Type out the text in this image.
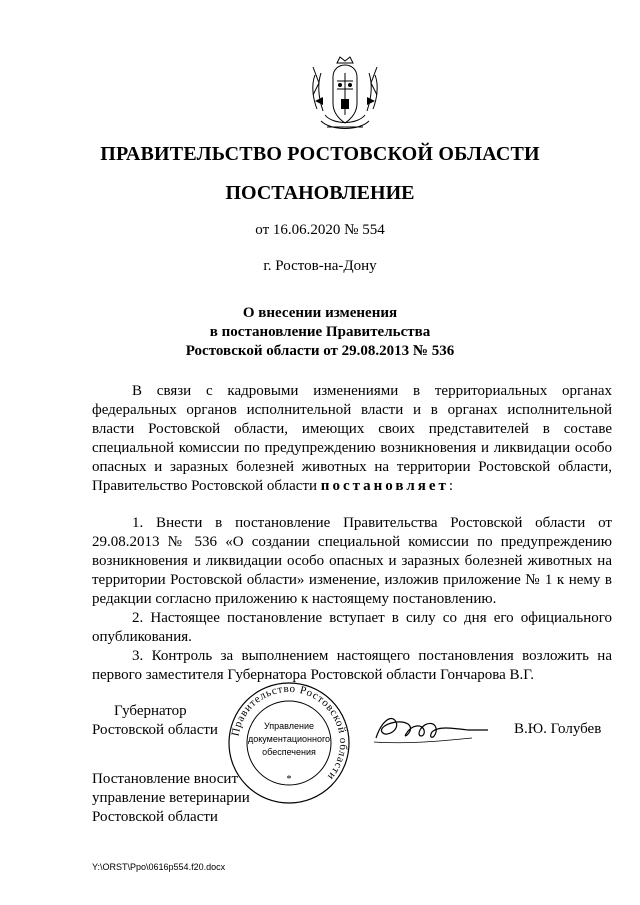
ПРАВИТЕЛЬСТВО РОСТОВСКОЙ ОБЛАСТИ
ПОСТАНОВЛЕНИЕ
от 16.06.2020 № 554
г. Ростов-на-Дону
О внесении изменения
в постановление Правительства
Ростовской области от 29.08.2013 № 536
В связи с кадровыми изменениями в территориальных органах федеральных органов исполнительной власти и в органах исполнительной власти Ростовской области, имеющих своих представителей в составе специальной комиссии по предупреждению возникновения и ликвидации особо опасных и заразных болезней животных на территории Ростовской области, Правительство Ростовской области постановляет:

1. Внести в постановление Правительства Ростовской области от 29.08.2013 № 536 «О создании специальной комиссии по предупреждению возникновения и ликвидации особо опасных и заразных болезней животных на территории Ростовской области» изменение, изложив приложение № 1 к нему в редакции согласно приложению к настоящему постановлению.

2. Настоящее постановление вступает в силу со дня его официального опубликования.

3. Контроль за выполнением настоящего постановления возложить на первого заместителя Губернатора Ростовской области Гончарова В.Г.

Губернатор
Ростовской области Правительство Ростовской области
Управление
документационного
обеспечения
*
В.Ю. Голубев
Постановление вносит
управление ветеринарии
Ростовской области
Y:\ORST\Ppo\0616p554.f20.docx
